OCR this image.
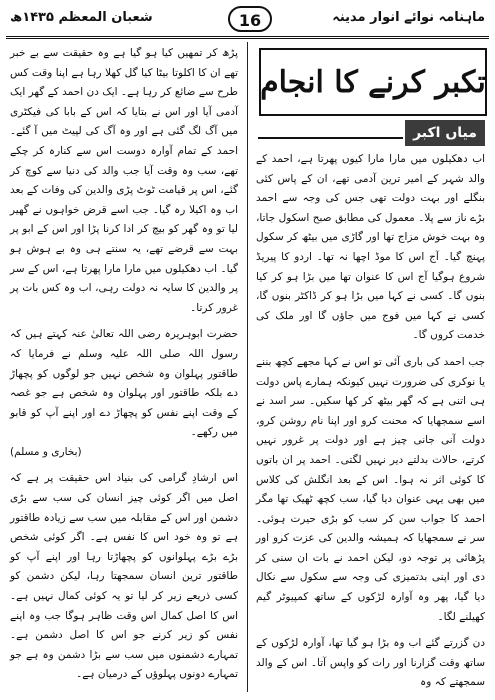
ماہنامہ نوائے انوار مدینہ
16
شعبان المعظم ۱۴۳۵ھ
تکبر کرنے کا انجام
میاں اکبر

اب دھکیلوں میں مارا مارا کیوں پھرتا ہے، احمد کے والد شہر کے امیر ترین آدمی تھے، ان کے پاس کئی بنگلے اور بہت دولت تھی جس کی وجہ سے احمد بڑے ناز سے پلا۔ معمول کی مطابق صبح اسکول جاتا، وہ بہت خوش مزاج تھا اور گاڑی میں بیٹھ کر سکول پہنچ گیا۔ آج اس کا موڈ اچھا نہ تھا۔ اردو کا پیریڈ شروع ہوگیا آج اس کا عنوان تھا میں بڑا ہو کر کیا بنوں گا۔ کسی نے کہا میں بڑا ہو کر ڈاکٹر بنوں گا، کسی نے کہا میں فوج میں جاؤں گا اور ملک کی خدمت کروں گا۔

جب احمد کی باری آئی تو اس نے کہا مجھے کچھ بننے یا نوکری کی ضرورت نہیں کیونکہ ہمارے پاس دولت ہی اتنی ہے کہ گھر بیٹھ کر کھا سکیں۔ سر اسد نے اسے سمجھایا کہ محنت کرو اور اپنا نام روشن کرو، دولت آنی جانی چیز ہے اور دولت پر غرور نہیں کرتے، حالات بدلتے دیر نہیں لگتی۔ احمد پر ان باتوں کا کوئی اثر نہ ہوا۔ اس کے بعد انگلش کی کلاس میں بھی یہی عنوان دیا گیا، سب کچھ ٹھیک تھا مگر احمد کا جواب سن کر سب کو بڑی حیرت ہوئی۔ سر نے سمجھایا کہ ہمیشہ والدین کی عزت کرو اور پڑھائی پر توجہ دو، لیکن احمد نے بات ان سنی کر دی اور اپنی بدتمیزی کی وجہ سے سکول سے نکال دیا گیا، پھر وہ آوارہ لڑکوں کے ساتھ کمپیوٹر گیم کھیلنے لگا۔

دن گزرتے گئے اب وہ بڑا ہو گیا تھا، آوارہ لڑکوں کے ساتھ وقت گزارنا اور رات کو واپس آتا۔ اس کے والد سمجھتے کہ وہ

پڑھ کر تمھیں کیا ہو گیا ہے وہ حقیقت سے بے خبر تھے ان کا اکلوتا بیٹا کیا گل کھلا رہا ہے اپنا وقت کس طرح سے ضائع کر رہا ہے۔ ایک دن احمد کے گھر ایک آدمی آیا اور اس نے بتایا کہ اس کے بابا کی فیکٹری میں آگ لگ گئی ہے اور وہ آگ کی لپیٹ میں آ گئے۔ احمد کے تمام آوارہ دوست اس سے کنارہ کر چکے تھے، سب وہ وقت آیا جب والد کی دنیا سے کوچ کر گئے، اس پر قیامت ٹوٹ پڑی والدین کی وفات کے بعد اب وہ اکیلا رہ گیا۔ جب اسے قرض خواہوں نے گھیر لیا تو وہ گھر کو بیچ کر ادا کرنا پڑا اور اس کے ابو پر بہت سے قرضے تھے، یہ سنتے ہی وہ بے ہوش ہو گیا۔ اب دھکیلوں میں مارا مارا پھرتا ہے، اس کے سر پر والدین کا سایہ نہ دولت رہی، اب وہ کس بات پر غرور کرتا۔

حضرت ابوہریرہ رضی اللہ تعالیٰ عنہ کہتے ہیں کہ رسول اللہ صلی اللہ علیہ وسلم نے فرمایا کہ طاقتور پہلوان وہ شخص نہیں جو لوگوں کو پچھاڑ دے بلکہ طاقتور اور پہلوان وہ شخص ہے جو غصہ کے وقت اپنے نفس کو پچھاڑ دے اور اپنے آپ کو قابو میں رکھے۔

(بخاری و مسلم)

اس ارشادِ گرامی کی بنیاد اس حقیقت پر ہے کہ اصل میں اگر کوئی چیز انسان کی سب سے بڑی دشمن اور اس کے مقابلہ میں سب سے زیادہ طاقتور ہے تو وہ خود اس کا نفس ہے۔ اگر کوئی شخص بڑے بڑے پہلوانوں کو پچھاڑتا رہا اور اپنے آپ کو طاقتور ترین انسان سمجھتا رہا، لیکن دشمن کو کسی ذریعے زیر کر لیا تو یہ کوئی کمال نہیں ہے۔ اس کا اصل کمال اس وقت ظاہر ہوگا جب وہ اپنے نفس کو زیر کرنے جو اس کا اصل دشمن ہے۔ تمہارے دشمنوں میں سب سے بڑا دشمن وہ ہے جو تمہارے دونوں پہلوؤں کے درمیان ہے۔
